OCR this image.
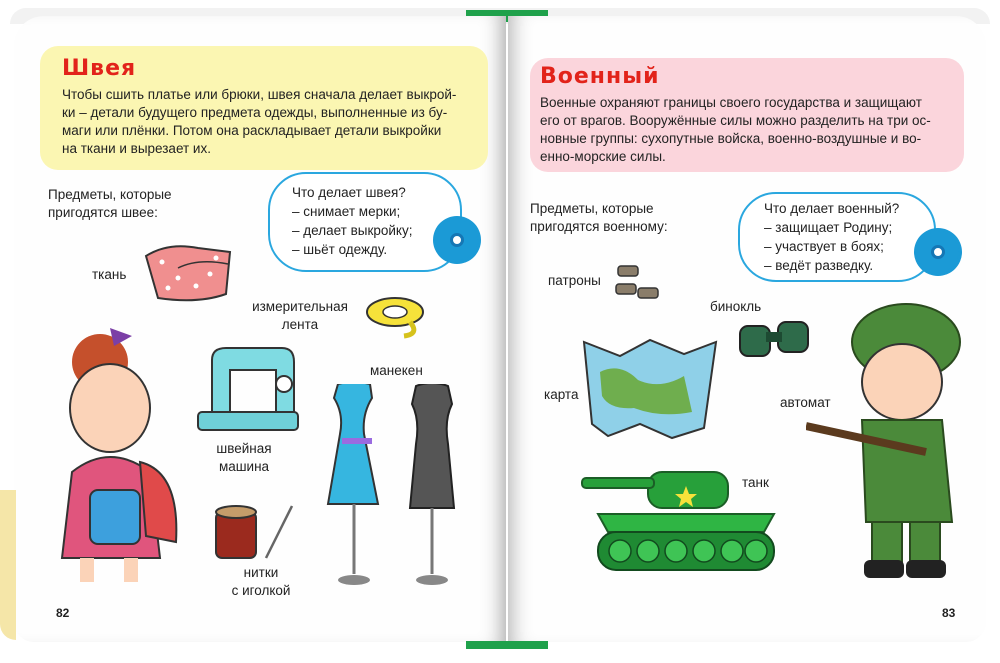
Швея
Чтобы сшить платье или брюки, швея сначала делает выкрой-
ки – детали будущего предмета одежды, выполненные из бу-
маги или плёнки. Потом она раскладывает детали выкройки
на ткани и вырезает их.
Предметы, которые
пригодятся швее:
Что делает швея?
– снимает мерки;
– делает выкройку;
– шьёт одежду.
ткань
измерительная
лента
манекен
швейная
машина
нитки
с иголкой
82
Военный
Военные охраняют границы своего государства и защищают
его от врагов. Вооружённые силы можно разделить на три ос-
новные группы: сухопутные войска, военно-воздушные и во-
енно-морские силы.
Предметы, которые
пригодятся военному:
Что делает военный?
– защищает Родину;
– участвует в боях;
– ведёт разведку.
патроны
бинокль
карта
автомат
танк
83
